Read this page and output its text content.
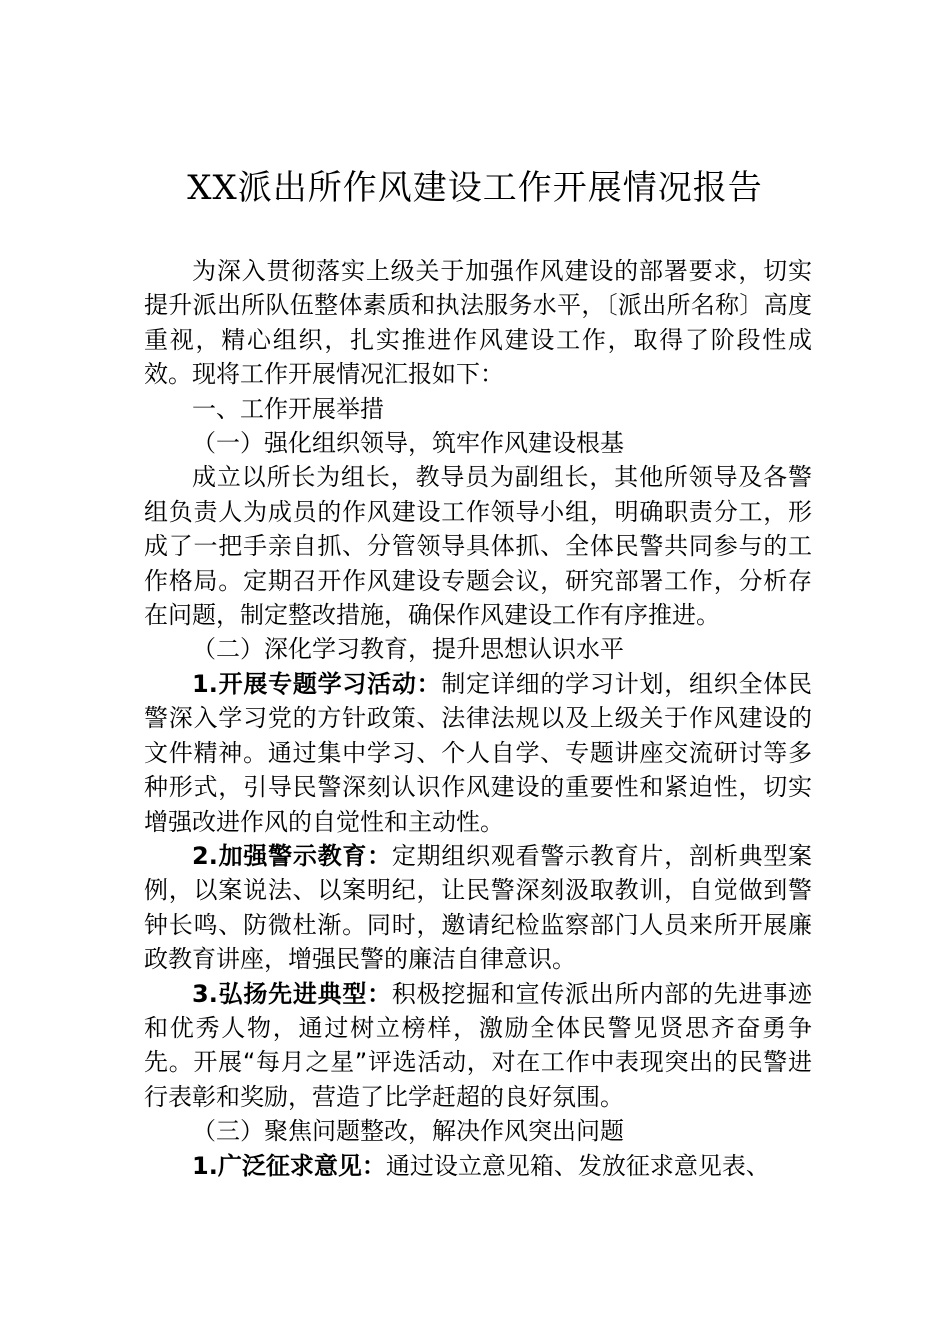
XX派出所作风建设工作开展情况报告

为深入贯彻落实上级关于加强作风建设的部署要求，切实提升派出所队伍整体素质和执法服务水平，〔派出所名称〕高度重视，精心组织，扎实推进作风建设工作，取得了阶段性成效。现将工作开展情况汇报如下：

一、工作开展举措

（一）强化组织领导，筑牢作风建设根基

成立以所长为组长，教导员为副组长，其他所领导及各警组负责人为成员的作风建设工作领导小组，明确职责分工，形成了一把手亲自抓、分管领导具体抓、全体民警共同参与的工作格局。定期召开作风建设专题会议，研究部署工作，分析存在问题，制定整改措施，确保作风建设工作有序推进。

（二）深化学习教育，提升思想认识水平

1.开展专题学习活动：制定详细的学习计划，组织全体民警深入学习党的方针政策、法律法规以及上级关于作风建设的文件精神。通过集中学习、个人自学、专题讲座交流研讨等多种形式，引导民警深刻认识作风建设的重要性和紧迫性，切实增强改进作风的自觉性和主动性。

2.加强警示教育：定期组织观看警示教育片，剖析典型案例，以案说法、以案明纪，让民警深刻汲取教训，自觉做到警钟长鸣、防微杜渐。同时，邀请纪检监察部门人员来所开展廉政教育讲座，增强民警的廉洁自律意识。

3.弘扬先进典型：积极挖掘和宣传派出所内部的先进事迹和优秀人物，通过树立榜样，激励全体民警见贤思齐奋勇争先。开展“每月之星”评选活动，对在工作中表现突出的民警进行表彰和奖励，营造了比学赶超的良好氛围。

（三）聚焦问题整改，解决作风突出问题

1.广泛征求意见：通过设立意见箱、发放征求意见表、
